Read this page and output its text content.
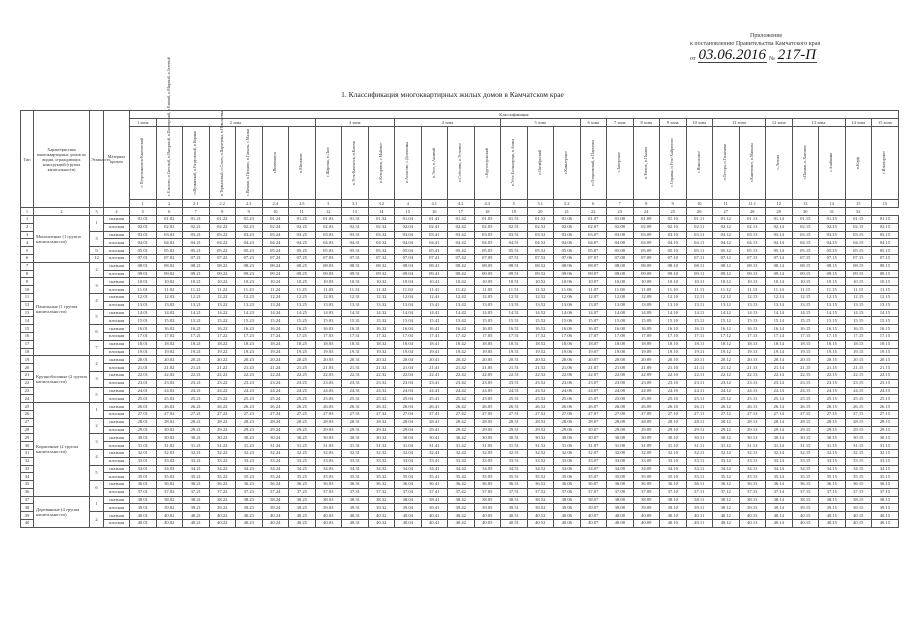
Приложение
к постановлению Правительства Камчатского края
от 03.06.2016 № 217-П
1. Классификация многоквартирных жилых домов в Камчатском крае
Тип	Характеристика многоквартирных домов по видам, ограждающих конструкций (группа капитальности)	Этажность	Материал кровли	Классификация																												
				1 зона	2 зона						3 зона			4 зона				5 зона			6 зона	7 зона	8 зона	9 зона	10 зона	11 зона		12 зона	13 зона		14 зона	15 зона
				г. Петропавловск-Камчатский	г. Елизово, п.Светлый, п.Нагорный, п.Пионерский, п.Ранний, п.Мирный, п.Зеленый	п.Вулканный, п.Раздольный, п.Коряки	п.Термальный, п.Сокоч, п.Паратунка, п.Николаевка	с.Начики, п.Пущино, п.Ганалы, с.Малки	г.Вилючинск	п.Мильково	с.Шаромы, п.Лазо	п.Усть-Камчатск, п.Ключи	п.Козыревск, с.Майское	п.Атласово, с.Долиновка	п.Эссо, п.Анавгай	п.Соболево, п.Устьевое	с.Крутогоровский	п.Усть-Большерецк, п.Апача	п.Октябрьский	с.Кавалерское	п.Озерновский, п.Паужетка	с.Запорожье	п.Тигиль, п.Палана	с.Седанка, п.Усть-Хайрюзово	с.Никольское	п.Оссора, п.Тиличики	с.Каменское, п.Манилы	с.Лесная	с.Пахачи, п.Хаилино	с.Ачайваям	п.Корф	с.Ильпырское
				1	2	2.1	2.2	2.3	2.4	2.5	3	3.1	3.2	4	4.1	4.2	4.3	5	5.1	5.2	6	7	8	9	10	11	11.1	12	13	14	15	15
1	2	3	4	5	6	7	8	9	10	11	12	13	14	15	16	17	18	19	20	21	22	23	24	25	26	27	28	29	30	31	32	
1	Монолитные (1 группа капитальности)	1	скатная	01.01	01.02	01.21	01.22	01.23	01.24	01.25	01.03	01.31	01.32	01.04	01.41	01.42	01.05	01.51	01.52	01.06	01.07	01.08	01.09	01.10	01.11	01.12	01.13	01.14	01.15	01.15	01.15	01.15
2			плоская	02.01	02.02	02.21	02.22	02.23	02.24	02.25	02.03	02.31	02.32	02.04	02.41	02.42	02.05	02.51	02.52	02.06	02.07	02.08	02.09	02.10	02.11	02.12	02.13	02.14	02.15	02.15	02.15	02.15
3		3	скатная	03.01	03.02	03.21	03.22	03.23	03.24	03.25	03.03	03.31	03.32	03.04	03.41	03.42	03.05	03.51	03.52	03.06	03.07	03.08	03.09	03.10	03.11	03.12	03.13	03.14	03.15	03.15	03.15	03.15
4			плоская	04.01	04.02	04.21	04.22	04.23	04.24	04.25	04.03	04.31	04.32	04.04	04.41	04.42	04.05	04.51	04.52	04.06	04.07	04.08	04.09	04.10	04.11	04.12	04.13	04.14	04.15	04.15	04.15	04.15
5		9	плоская	05.01	05.02	05.21	05.22	05.23	05.24	05.25	05.03	05.31	05.32	05.04	05.41	05.42	05.05	05.51	05.52	05.06	05.07	05.08	05.09	05.10	05.11	05.12	05.13	05.14	05.15	05.15	05.15	05.15
6		12	плоская	07.01	07.02	07.21	07.22	07.23	07.24	07.25	07.03	07.31	07.32	07.04	07.41	07.42	07.05	07.51	07.52	07.06	07.07	07.08	07.09	07.10	07.11	07.12	07.13	07.14	07.15	07.15	07.15	07.15
7	Панельные (1 группа капитальности)	2	скатная	08.01	08.02	08.21	08.22	08.23	08.24	08.25	08.03	08.31	08.32	08.04	08.41	08.42	08.05	08.51	08.52	08.06	08.07	08.08	08.09	08.10	08.11	08.12	08.13	08.14	08.15	08.15	08.15	08.15
8			плоская	09.01	09.02	09.21	09.22	09.23	09.24	09.25	09.03	09.31	09.32	09.04	09.41	09.42	09.05	09.51	09.52	09.06	09.07	09.08	09.09	09.10	09.11	09.12	09.13	09.14	09.15	09.15	09.15	09.15
9		3	скатная	10.01	10.02	10.21	10.22	10.23	10.24	10.25	10.03	10.31	10.32	10.04	10.41	10.42	10.05	10.51	10.52	10.06	10.07	10.08	10.09	10.10	10.11	10.12	10.13	10.14	10.15	10.15	10.15	10.15
10			плоская	11.01	11.02	11.21	11.22	11.23	11.24	11.25	11.03	11.31	11.32	11.04	11.41	11.42	11.05	11.51	11.52	11.06	11.07	11.08	11.09	11.10	11.11	11.12	11.13	11.14	11.15	11.15	11.15	11.15
11		4	скатная	12.01	12.02	12.21	12.22	12.23	12.24	12.25	12.03	12.31	12.32	12.04	12.41	12.42	12.05	12.51	12.52	12.06	12.07	12.08	12.09	12.10	12.11	12.12	12.13	12.14	12.15	12.15	12.15	12.15
12			плоская	13.01	13.02	13.21	13.22	13.23	13.24	13.25	13.03	13.31	13.32	13.04	13.41	13.42	13.05	13.51	13.52	13.06	13.07	13.08	13.09	13.10	13.11	13.12	13.13	13.14	13.15	13.15	13.15	13.15
13		5	скатная	14.01	14.02	14.21	14.22	14.23	14.24	14.25	14.03	14.31	14.32	14.04	14.41	14.42	14.05	14.51	14.52	14.06	14.07	14.08	14.09	14.10	14.11	14.12	14.13	14.14	14.15	14.15	14.15	14.15
14			плоская	15.01	15.02	15.21	15.22	15.23	15.24	15.25	15.03	15.31	15.32	15.04	15.41	15.42	15.05	15.51	15.52	15.06	15.07	15.08	15.09	15.10	15.11	15.12	15.13	15.14	15.15	15.15	15.15	15.15
15		6	скатная	16.01	16.02	16.21	16.22	16.23	16.24	16.25	16.03	16.31	16.32	16.04	16.41	16.42	16.05	16.51	16.52	16.06	16.07	16.08	16.09	16.10	16.11	16.12	16.13	16.14	16.15	16.15	16.15	16.15
16			плоская	17.01	17.02	17.21	17.22	17.23	17.24	17.25	17.03	17.31	17.32	17.04	17.41	17.42	17.05	17.51	17.52	17.06	17.07	17.08	17.09	17.10	17.11	17.12	17.13	17.14	17.15	17.15	17.15	17.15
17		7	скатная	18.01	18.02	18.21	18.22	18.23	18.24	18.25	18.03	18.31	18.32	18.04	18.41	18.42	18.05	18.51	18.52	18.06	18.07	18.08	18.09	18.10	18.11	18.12	18.13	18.14	18.15	18.15	18.15	18.15
18			плоская	19.01	19.02	19.21	19.22	19.23	19.24	19.25	19.03	19.31	19.32	19.04	19.41	19.42	19.05	19.51	19.52	19.06	19.07	19.08	19.09	19.10	19.11	19.12	19.13	19.14	19.15	19.15	19.15	19.15
19	Крупноблочные (2 группа капитальности)	2	скатная	20.01	20.02	20.21	20.22	20.23	20.24	20.25	20.03	20.31	20.32	20.04	20.41	20.42	20.05	20.51	20.52	20.06	20.07	20.08	20.09	20.10	20.11	20.12	20.13	20.14	20.15	20.15	20.15	20.15
20			плоская	21.01	21.02	21.21	21.22	21.23	21.24	21.25	21.03	21.31	21.32	21.04	21.41	21.42	21.05	21.51	21.52	21.06	21.07	21.08	21.09	21.10	21.11	21.12	21.13	21.14	21.15	21.15	21.15	21.15
21		3	скатная	22.01	22.02	22.21	22.22	22.23	22.24	22.25	22.03	22.31	22.32	22.04	22.41	22.42	22.05	22.51	22.52	22.06	22.07	22.08	22.09	22.10	22.11	22.12	22.13	22.14	22.15	22.15	22.15	22.15
22			плоская	23.01	23.02	23.21	23.22	23.23	23.24	23.25	23.03	23.31	23.32	23.04	23.41	23.42	23.05	23.51	23.52	23.06	23.07	23.08	23.09	23.10	23.11	23.12	23.13	23.14	23.15	23.15	23.15	23.15
23		5	скатная	24.01	24.02	24.21	24.22	24.23	24.24	24.25	24.03	24.31	24.32	24.04	24.41	24.42	24.05	24.51	24.52	24.06	24.07	24.08	24.09	24.10	24.11	24.12	24.13	24.14	24.15	24.15	24.15	24.15
24			плоская	25.01	25.02	25.21	25.22	25.23	25.24	25.25	25.03	25.31	25.32	25.04	25.41	25.42	25.05	25.51	25.52	25.06	25.07	25.08	25.09	25.10	25.11	25.12	25.13	25.14	25.15	25.15	25.15	25.15
25	Кирпичные (2 группа капитальности)	1	скатная	26.01	26.02	26.21	26.22	26.23	26.24	26.25	26.03	26.31	26.32	26.04	26.41	26.42	26.05	26.51	26.52	26.06	26.07	26.08	26.09	26.10	26.11	26.12	26.13	26.14	26.15	26.15	26.15	26.15
26			плоская	27.01	27.02	27.21	27.22	27.23	27.24	27.25	27.03	27.31	27.32	27.04	27.41	27.42	27.05	27.51	27.52	27.06	27.07	27.08	27.09	27.10	27.11	27.12	27.13	27.14	27.15	27.15	27.15	27.15
27		2	скатная	28.01	28.02	28.21	28.22	28.23	28.24	28.25	28.03	28.31	28.32	28.04	28.41	28.42	28.05	28.51	28.52	28.06	28.07	28.08	28.09	28.10	28.11	28.12	28.13	28.14	28.15	28.15	28.15	28.15
28			плоская	29.01	29.02	29.21	29.22	29.23	29.24	29.25	29.03	29.31	29.32	29.04	29.41	29.42	29.05	29.51	29.52	29.06	29.07	29.08	29.09	29.10	29.11	29.12	29.13	29.14	29.15	29.15	29.15	29.15
29		3	скатная	30.01	30.02	30.21	30.22	30.23	30.24	30.25	30.03	30.31	30.32	30.04	30.41	30.42	30.05	30.51	30.52	30.06	30.07	30.08	30.09	30.10	30.11	30.12	30.13	30.14	30.15	30.15	30.15	30.15
30			плоская	31.01	31.02	31.21	31.22	31.23	31.24	31.25	31.03	31.31	31.32	31.04	31.41	31.42	31.05	31.51	31.52	31.06	31.07	31.08	31.09	31.10	31.11	31.12	31.13	31.14	31.15	31.15	31.15	31.15
31		4	скатная	32.01	32.02	32.21	32.22	32.23	32.24	32.25	32.03	32.31	32.32	32.04	32.41	32.42	32.05	32.51	32.52	32.06	32.07	32.08	32.09	32.10	32.11	32.12	32.13	32.14	32.15	32.15	32.15	32.15
32			плоская	33.01	33.02	33.21	33.22	33.23	33.24	33.25	33.03	33.31	33.32	33.04	33.41	33.42	33.05	33.51	33.52	33.06	33.07	33.08	33.09	33.10	33.11	33.12	33.13	33.14	33.15	33.15	33.15	33.15
33		5	скатная	34.01	34.02	34.21	34.22	34.23	34.24	34.25	34.03	34.31	34.32	34.04	34.41	34.42	34.05	34.51	34.52	34.06	34.07	34.08	34.09	34.10	34.11	34.12	34.13	34.14	34.15	34.15	34.15	34.15
34			плоская	35.01	35.02	35.21	35.22	35.23	35.24	35.25	35.03	35.31	35.32	35.04	35.41	35.42	35.05	35.51	35.52	35.06	35.07	35.08	35.09	35.10	35.11	35.12	35.13	35.14	35.15	35.15	35.15	35.15
35		6	скатная	36.01	36.02	36.21	36.22	36.23	36.24	36.25	36.03	36.31	36.32	36.04	36.41	36.42	36.05	36.51	36.52	36.06	36.07	36.08	36.09	36.10	36.11	36.12	36.13	36.14	36.15	36.15	36.15	36.15
36			плоская	37.01	37.02	37.21	37.22	37.23	37.24	37.25	37.03	37.31	37.32	37.04	37.41	37.42	37.05	37.51	37.52	37.06	37.07	37.08	37.09	37.10	37.11	37.12	37.13	37.14	37.15	37.15	37.15	37.15
37	Деревянные (4 группа капитальности)	1	скатная	38.01	38.02	38.21	38.22	38.23	38.24	38.25	38.03	38.31	38.32	38.04	38.41	38.42	38.05	38.51	38.52	38.06	38.07	38.08	38.09	38.10	38.11	38.12	38.13	38.14	38.15	38.15	38.15	38.15
38			плоская	39.01	39.02	39.21	39.22	39.23	39.24	39.25	39.03	39.31	39.32	39.04	39.41	39.42	39.05	39.51	39.52	39.06	39.07	39.08	39.09	39.10	39.11	39.12	39.13	39.14	39.15	39.15	39.15	39.15
39		2	скатная	40.01	40.02	40.21	40.22	40.23	40.24	40.25	40.03	40.31	40.32	40.04	40.41	40.42	40.05	40.51	40.52	40.06	40.07	40.08	40.09	40.10	40.11	40.12	40.13	40.14	40.15	40.15	40.15	40.15
40			плоская	40.01	40.02	40.21	40.22	40.23	40.24	40.25	40.03	40.31	40.32	40.04	40.41	40.42	40.05	40.51	40.52	40.06	40.07	40.08	40.09	40.10	40.11	40.12	40.13	40.14	40.15	40.15	40.15	40.15
